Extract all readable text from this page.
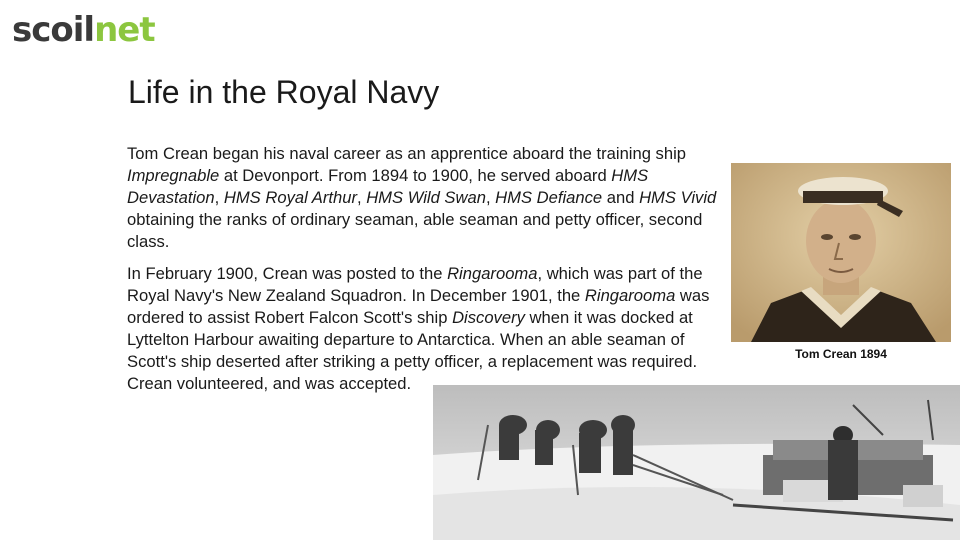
scoilnet
Life in the Royal Navy

Tom Crean began his naval career as an apprentice aboard the training ship Impregnable at Devonport. From 1894 to 1900, he served aboard HMS Devastation, HMS Royal Arthur, HMS Wild Swan, HMS Defiance and HMS Vivid obtaining the ranks of ordinary seaman, able seaman and petty officer, second class.

In February 1900, Crean was posted to the Ringarooma, which was part of the Royal Navy's New Zealand Squadron. In December 1901, the Ringarooma was ordered to assist Robert Falcon Scott's ship Discovery when it was docked at Lyttelton Harbour awaiting departure to Antarctica. When an able seaman of Scott's ship deserted after striking a petty officer, a replacement was required. Crean volunteered, and was accepted.

Tom Crean 1894
